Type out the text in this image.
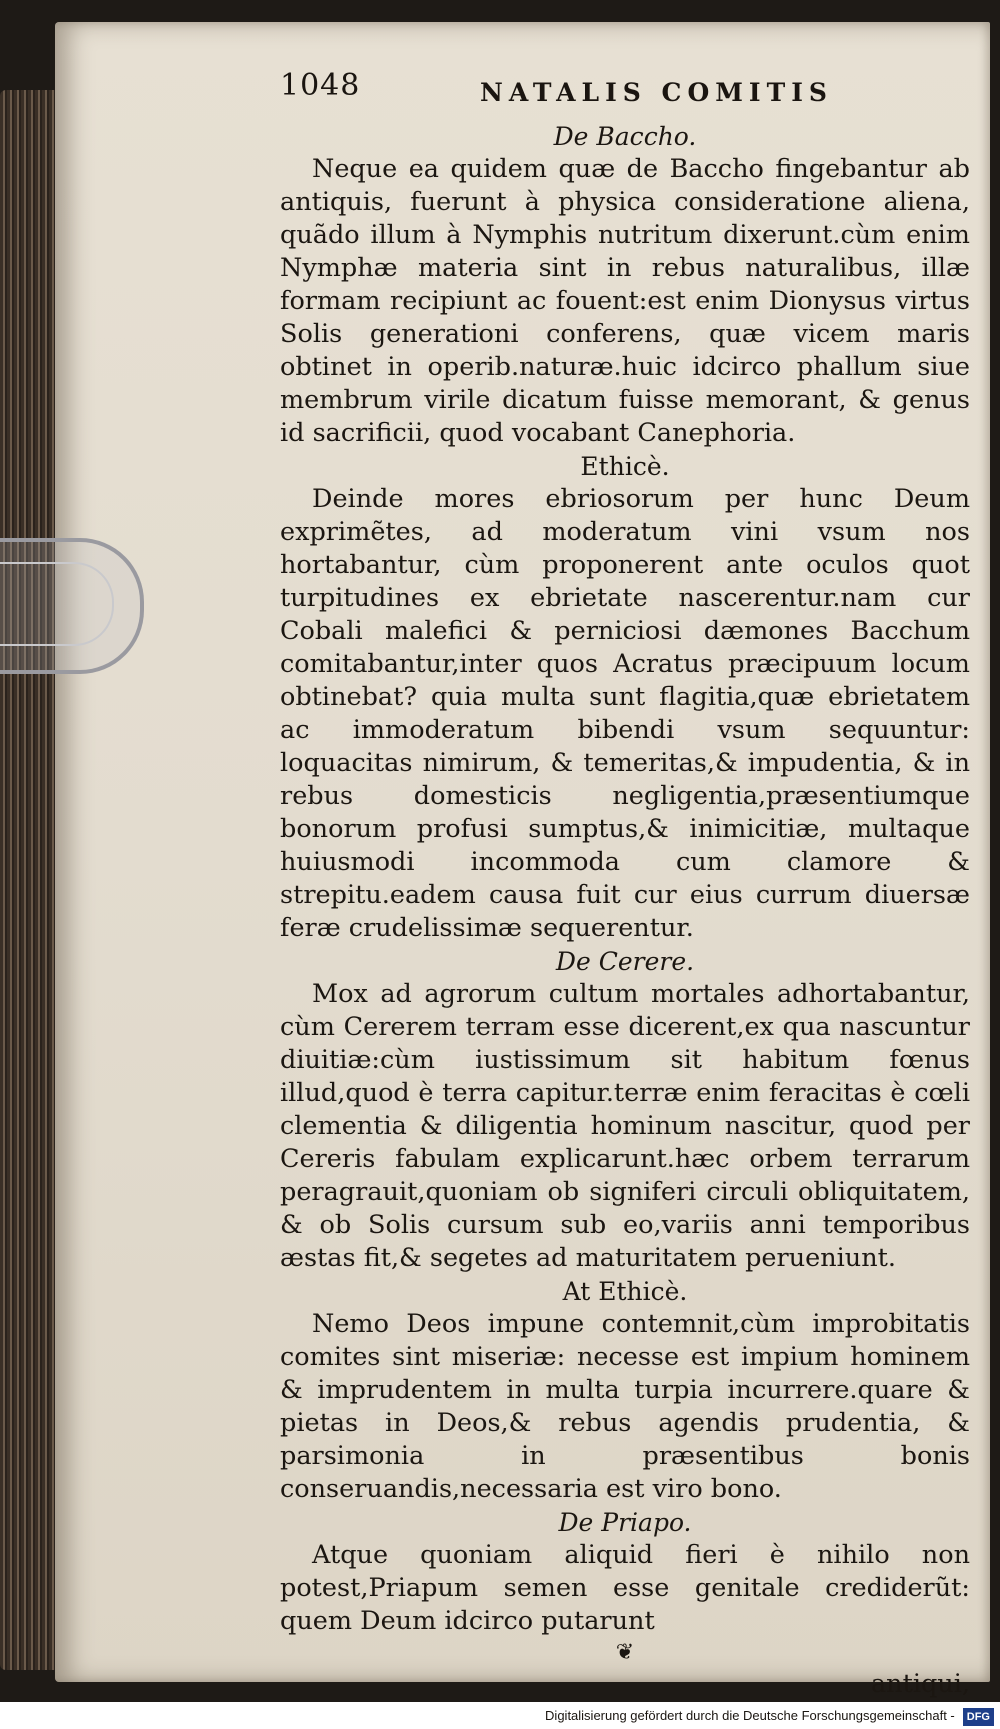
1048	NATALIS COMITIS
De Baccho.

Neque ea quidem quæ de Baccho fingebantur ab antiquis, fuerunt à physica consideratione aliena, quãdo illum à Nymphis nutritum dixerunt.cùm enim Nymphæ materia sint in rebus naturalibus, illæ formam recipiunt ac fouent:est enim Dionysus virtus Solis generationi conferens, quæ vicem maris obtinet in operib.naturæ.huic idcirco phallum siue membrum virile dicatum fuisse memorant, & genus id sacrificii, quod vocabant Canephoria.

Ethicè.

Deinde mores ebriosorum per hunc Deum exprimẽtes, ad moderatum vini vsum nos hortabantur, cùm proponerent ante oculos quot turpitudines ex ebrietate nascerentur.nam cur Cobali malefici & perniciosi dæmones Bacchum comitabantur,inter quos Acratus præcipuum locum obtinebat? quia multa sunt flagitia,quæ ebrietatem ac immoderatum bibendi vsum sequuntur: loquacitas nimirum, & temeritas,& impudentia, & in rebus domesticis negligentia,præsentiumque bonorum profusi sumptus,& inimicitiæ, multaque huiusmodi incommoda cum clamore & strepitu.eadem causa fuit cur eius currum diuersæ feræ crudelissimæ sequerentur.

De Cerere.

Mox ad agrorum cultum mortales adhortabantur, cùm Cererem terram esse dicerent,ex qua nascuntur diuitiæ:cùm iustissimum sit habitum fœnus illud,quod è terra capitur.terræ enim feracitas è cœli clementia & diligentia hominum nascitur, quod per Cereris fabulam explicarunt.hæc orbem terrarum peragrauit,quoniam ob signiferi circuli obliquitatem, & ob Solis cursum sub eo,variis anni temporibus æstas fit,& segetes ad maturitatem perueniunt.

At Ethicè.

Nemo Deos impune contemnit,cùm improbitatis comites sint miseriæ: necesse est impium hominem & imprudentem in multa turpia incurrere.quare & pietas in Deos,& rebus agendis prudentia, & parsimonia in præsentibus bonis conseruandis,necessaria est viro bono.

De Priapo.

Atque quoniam aliquid fieri è nihilo non potest,Priapum semen esse genitale crediderũt: quem Deum idcirco putarunt

❦
antiqui,
Digitalisierung gefördert durch die Deutsche Forschungsgemeinschaft - DFG
